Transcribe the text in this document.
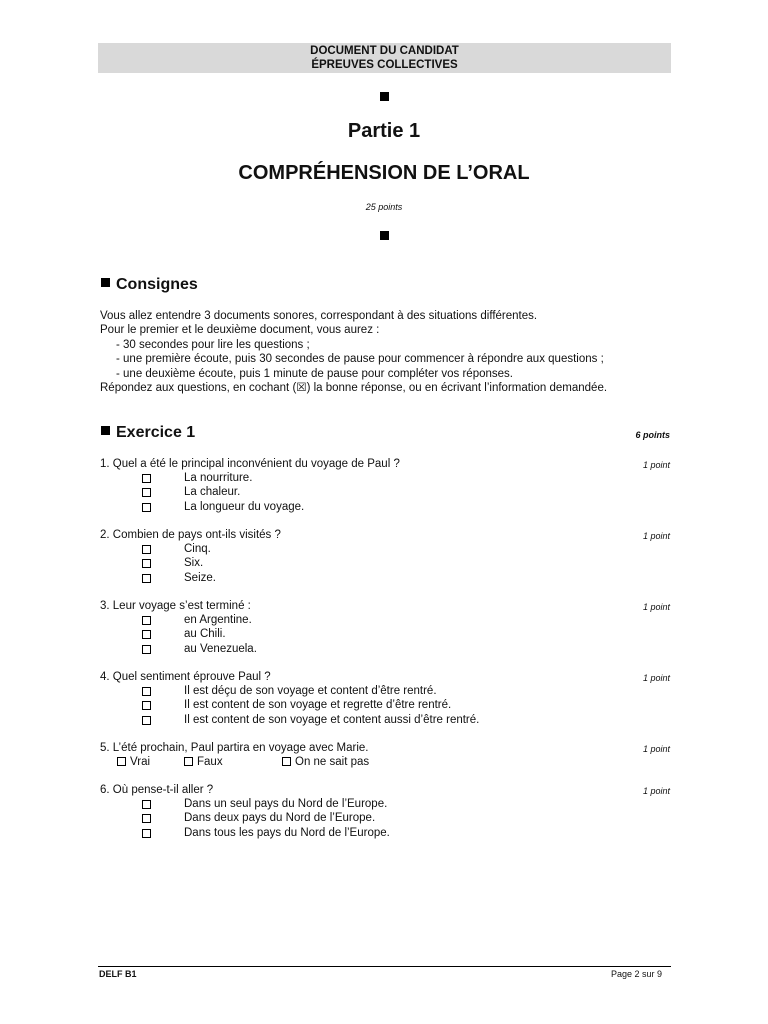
DOCUMENT DU CANDIDAT
ÉPREUVES COLLECTIVES
Partie 1
COMPRÉHENSION DE L’ORAL
25 points
Consignes
Vous allez entendre 3 documents sonores, correspondant à des situations différentes.
Pour le premier et le deuxième document, vous aurez :
- 30 secondes pour lire les questions ;
- une première écoute, puis 30 secondes de pause pour commencer à répondre aux questions ;
- une deuxième écoute, puis 1 minute de pause pour compléter vos réponses.
Répondez aux questions, en cochant (☒) la bonne réponse, ou en écrivant l’information demandée.
Exercice 1	6 points
1. Quel a été le principal inconvénient du voyage de Paul ?	1 point
La nourriture.
La chaleur.
La longueur du voyage.
2. Combien de pays ont-ils visités ?	1 point
Cinq.
Six.
Seize.
3. Leur voyage s’est terminé :	1 point
en Argentine.
au Chili.
au Venezuela.
4. Quel sentiment éprouve Paul ?	1 point
Il est déçu de son voyage et content d’être rentré.
Il est content de son voyage et regrette d’être rentré.
Il est content de son voyage et content aussi d’être rentré.
5. L’été prochain, Paul partira en voyage avec Marie.	1 point
Vrai	Faux	On ne sait pas
6. Où pense-t-il aller ?	1 point
Dans un seul pays du Nord de l’Europe.
Dans deux pays du Nord de l’Europe.
Dans tous les pays du Nord de l’Europe.
DELF B1	Page 2 sur 9
